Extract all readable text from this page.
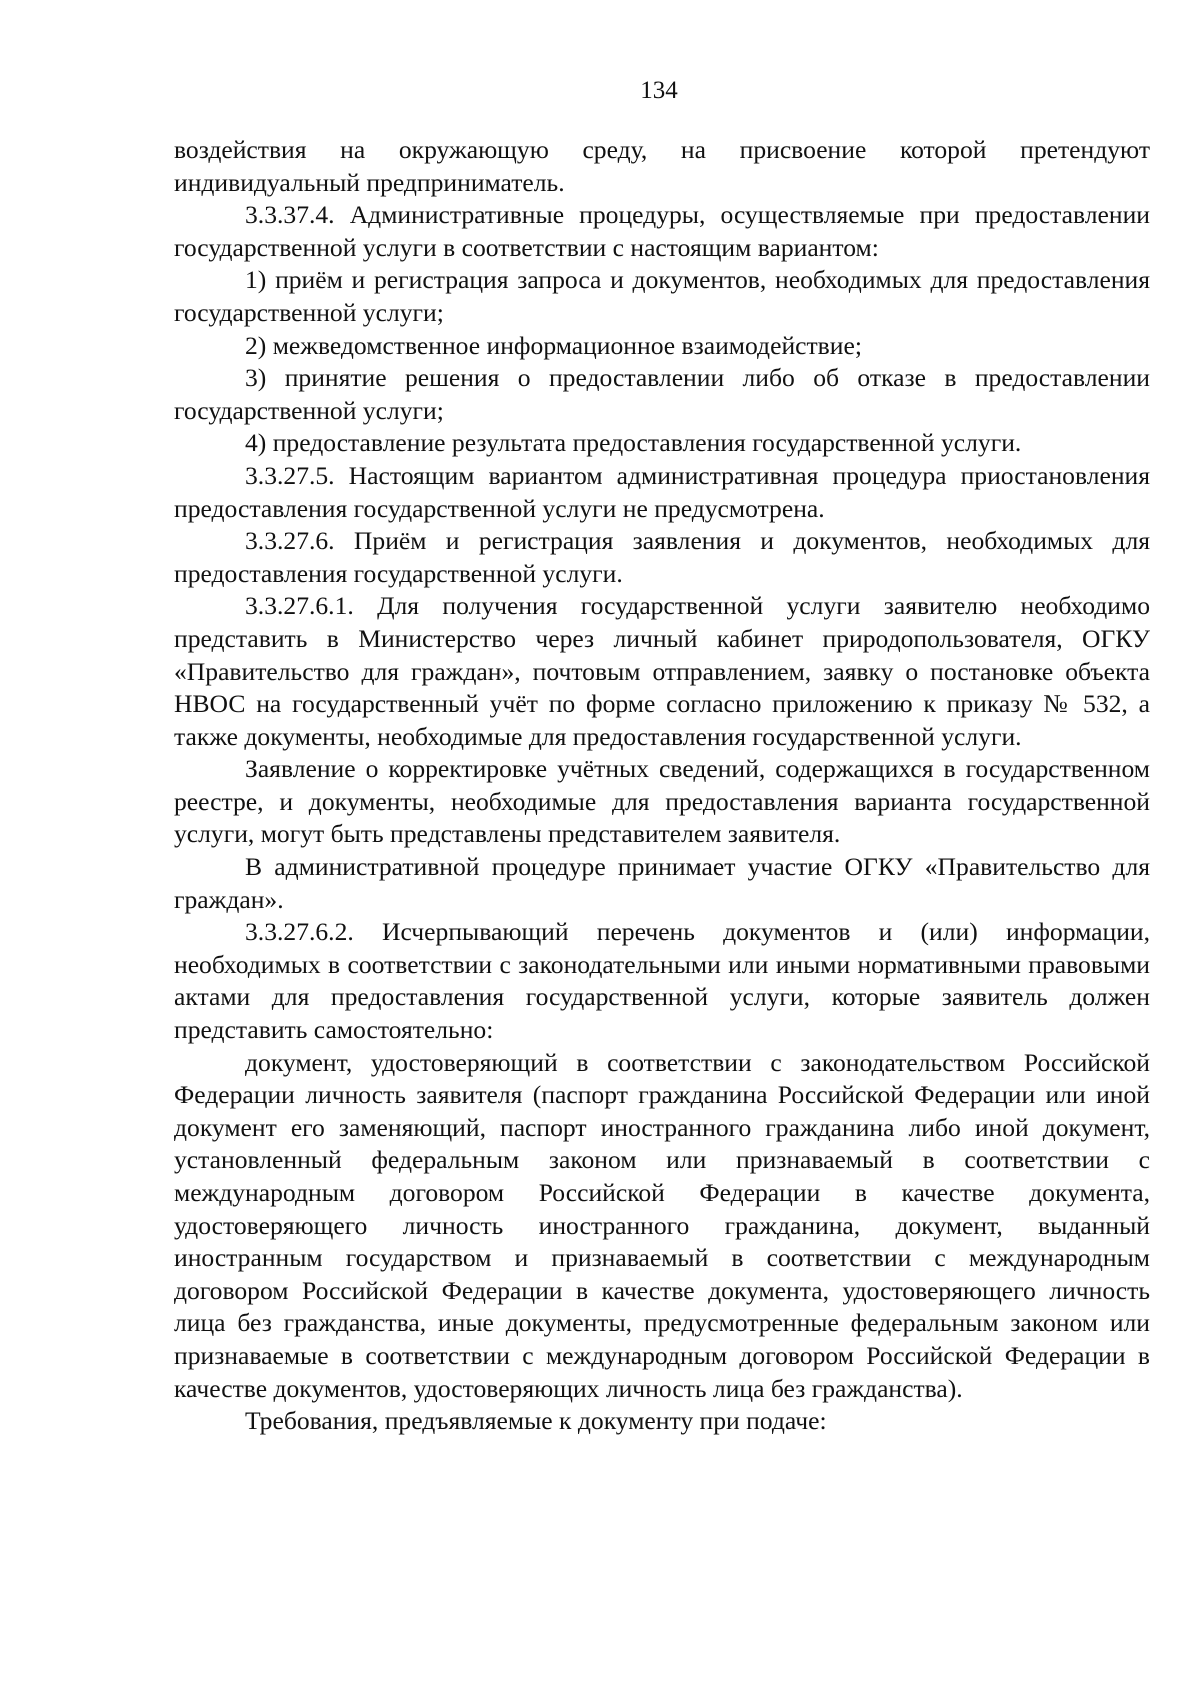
134

воздействия на окружающую среду, на присвоение которой претендуют индивидуальный предприниматель.

3.3.37.4. Административные процедуры, осуществляемые при предоставлении государственной услуги в соответствии с настоящим вариантом:

1) приём и регистрация запроса и документов, необходимых для предоставления государственной услуги;

2) межведомственное информационное взаимодействие;

3) принятие решения о предоставлении либо об отказе в предоставлении государственной услуги;

4) предоставление результата предоставления государственной услуги.

3.3.27.5. Настоящим вариантом административная процедура приостановления предоставления государственной услуги не предусмотрена.

3.3.27.6. Приём и регистрация заявления и документов, необходимых для предоставления государственной услуги.

3.3.27.6.1. Для получения государственной услуги заявителю необходимо представить в Министерство через личный кабинет природопользователя, ОГКУ «Правительство для граждан», почтовым отправлением, заявку о постановке объекта НВОС на государственный учёт по форме согласно приложению к приказу № 532, а также документы, необходимые для предоставления государственной услуги.

Заявление о корректировке учётных сведений, содержащихся в государственном реестре, и документы, необходимые для предоставления варианта государственной услуги, могут быть представлены представителем заявителя.

В административной процедуре принимает участие ОГКУ «Правительство для граждан».

3.3.27.6.2. Исчерпывающий перечень документов и (или) информации, необходимых в соответствии с законодательными или иными нормативными правовыми актами для предоставления государственной услуги, которые заявитель должен представить самостоятельно:

документ, удостоверяющий в соответствии с законодательством Российской Федерации личность заявителя (паспорт гражданина Российской Федерации или иной документ его заменяющий, паспорт иностранного гражданина либо иной документ, установленный федеральным законом или признаваемый в соответствии с международным договором Российской Федерации в качестве документа, удостоверяющего личность иностранного гражданина, документ, выданный иностранным государством и признаваемый в соответствии с международным договором Российской Федерации в качестве документа, удостоверяющего личность лица без гражданства, иные документы, предусмотренные федеральным законом или признаваемые в соответствии с международным договором Российской Федерации в качестве документов, удостоверяющих личность лица без гражданства).

Требования, предъявляемые к документу при подаче:
